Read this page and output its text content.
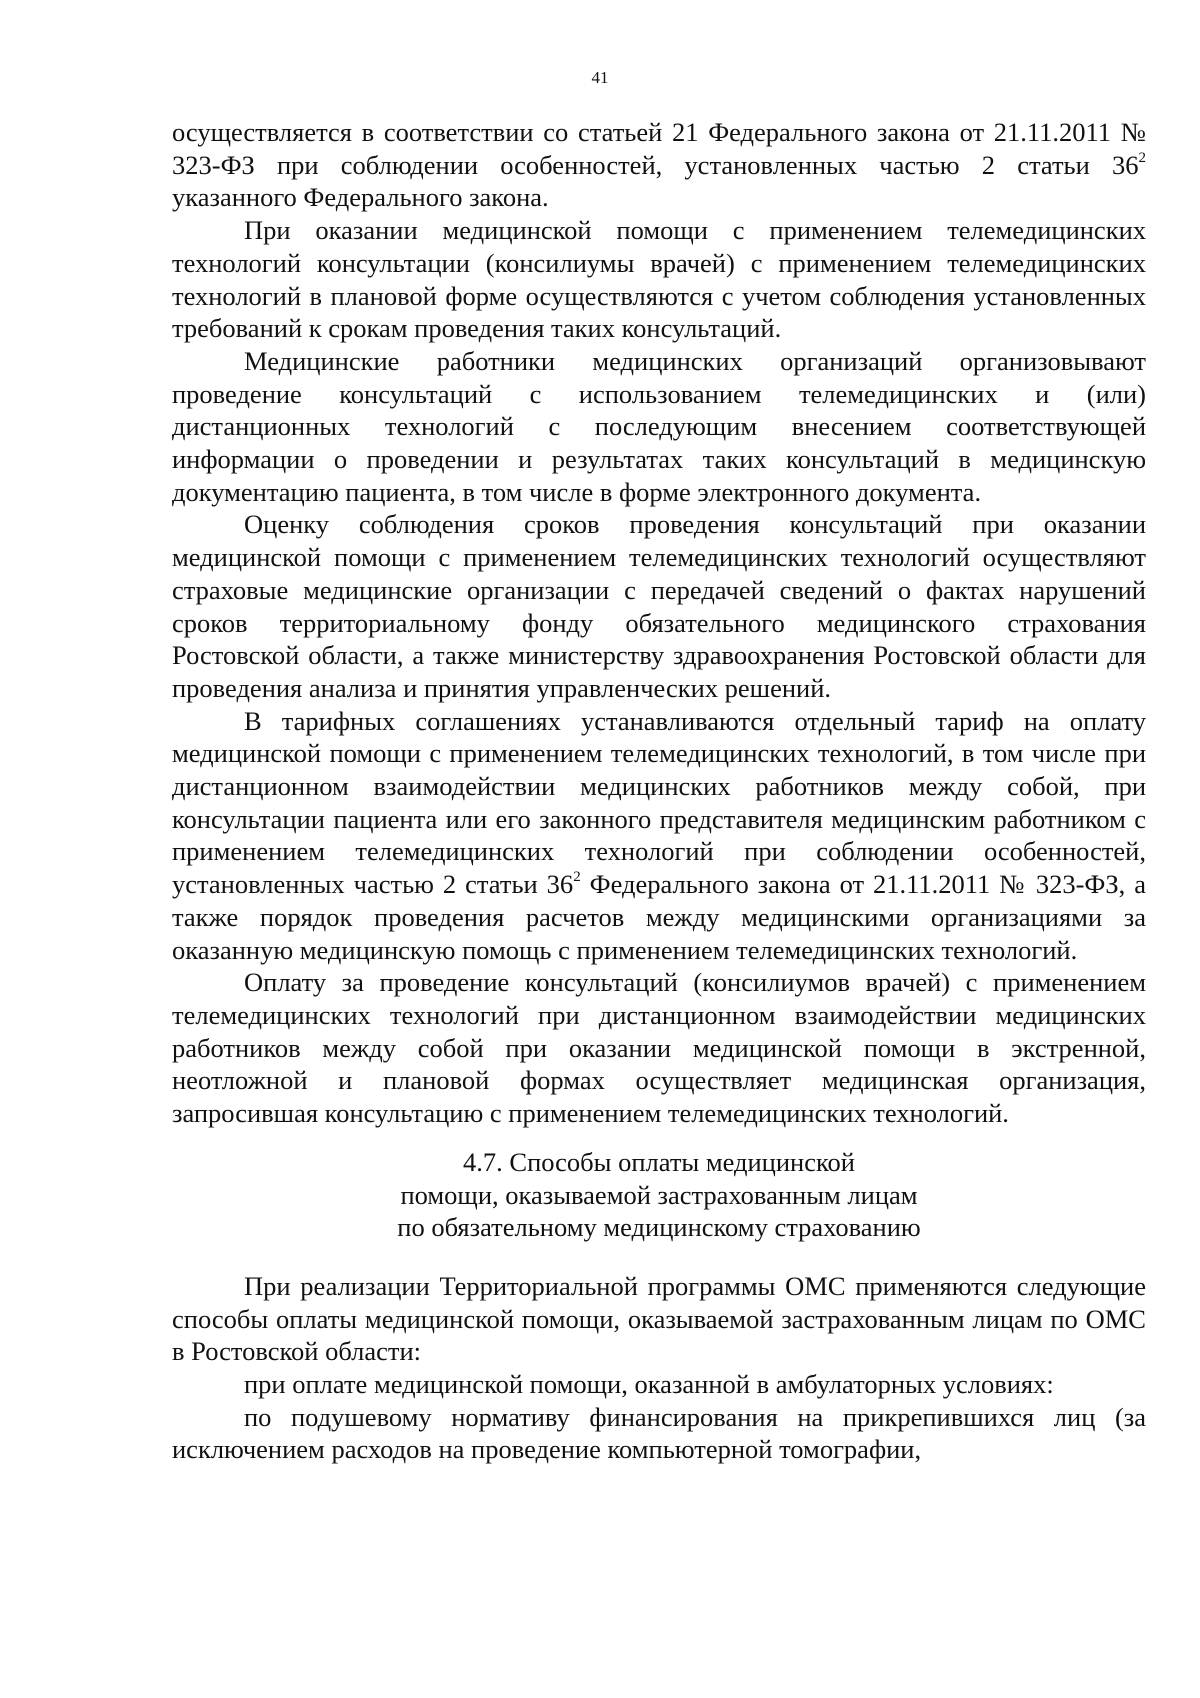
41

осуществляется в соответствии со статьей 21 Федерального закона от 21.11.2011 № 323-ФЗ при соблюдении особенностей, установленных частью 2 статьи $36^2$ указанного Федерального закона.

При оказании медицинской помощи с применением телемедицинских технологий консультации (консилиумы врачей) с применением телемедицинских технологий в плановой форме осуществляются с учетом соблюдения установленных требований к срокам проведения таких консультаций.

Медицинские работники медицинских организаций организовывают проведение консультаций с использованием телемедицинских и (или) дистанционных технологий с последующим внесением соответствующей информации о проведении и результатах таких консультаций в медицинскую документацию пациента, в том числе в форме электронного документа.

Оценку соблюдения сроков проведения консультаций при оказании медицинской помощи с применением телемедицинских технологий осуществляют страховые медицинские организации с передачей сведений о фактах нарушений сроков территориальному фонду обязательного медицинского страхования Ростовской области, а также министерству здравоохранения Ростовской области для проведения анализа и принятия управленческих решений.

В тарифных соглашениях устанавливаются отдельный тариф на оплату медицинской помощи с применением телемедицинских технологий, в том числе при дистанционном взаимодействии медицинских работников между собой, при консультации пациента или его законного представителя медицинским работником с применением телемедицинских технологий при соблюдении особенностей, установленных частью 2 статьи $36^2$ Федерального закона от 21.11.2011 № 323-ФЗ, а также порядок проведения расчетов между медицинскими организациями за оказанную медицинскую помощь с применением телемедицинских технологий.

Оплату за проведение консультаций (консилиумов врачей) с применением телемедицинских технологий при дистанционном взаимодействии медицинских работников между собой при оказании медицинской помощи в экстренной, неотложной и плановой формах осуществляет медицинская организация, запросившая консультацию с применением телемедицинских технологий.

4.7. Способы оплаты медицинской
помощи, оказываемой застрахованным лицам
по обязательному медицинскому страхованию

При реализации Территориальной программы ОМС применяются следующие способы оплаты медицинской помощи, оказываемой застрахованным лицам по ОМС в Ростовской области:

при оплате медицинской помощи, оказанной в амбулаторных условиях:

по подушевому нормативу финансирования на прикрепившихся лиц (за исключением расходов на проведение компьютерной томографии,
